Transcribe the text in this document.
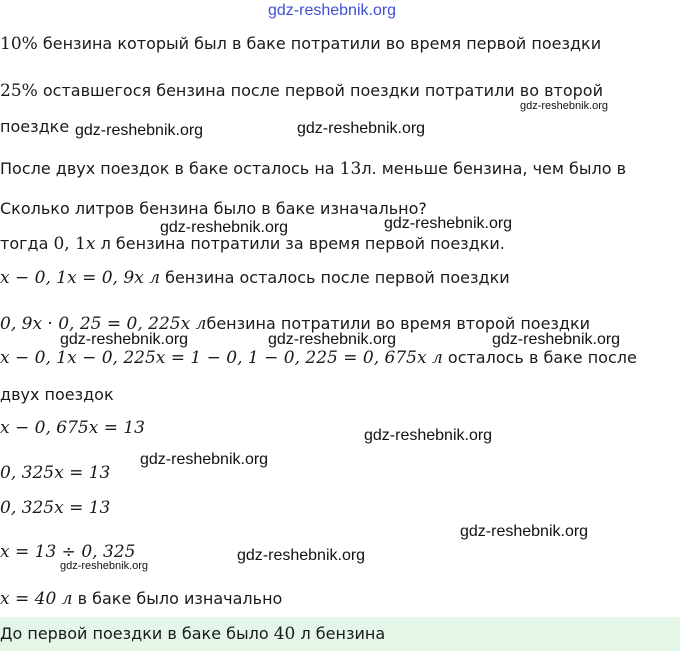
gdz-reshebnik.org
10% бензина который был в баке потратили во время первой поездки
25% оставшегося бензина после первой поездки потратили во второй
поездке
После двух поездок в баке осталось на 13л. меньше бензина, чем было в
Сколько литров бензина было в баке изначально?
тогда 0, 1x л бензина потратили за время первой поездки.
x − 0, 1x = 0, 9x л бензина осталось после первой поездки
0, 9x · 0, 25 = 0, 225x лбензина потратили во время второй поездки
x − 0, 1x − 0, 225x = 1 − 0, 1 − 0, 225 = 0, 675x л осталось в баке после
двух поездок
x − 0, 675x = 13
0, 325x = 13
0, 325x = 13
x = 13 ÷ 0, 325
x = 40 л в баке было изначально
До первой поездки в баке было 40 л бензина
gdz-reshebnik.org
gdz-reshebnik.org	gdz-reshebnik.org
gdz-reshebnik.org
gdz-reshebnik.org
gdz-reshebnik.org	gdz-reshebnik.org	gdz-reshebnik.org
gdz-reshebnik.org
gdz-reshebnik.org
gdz-reshebnik.org
gdz-reshebnik.org
gdz-reshebnik.org
